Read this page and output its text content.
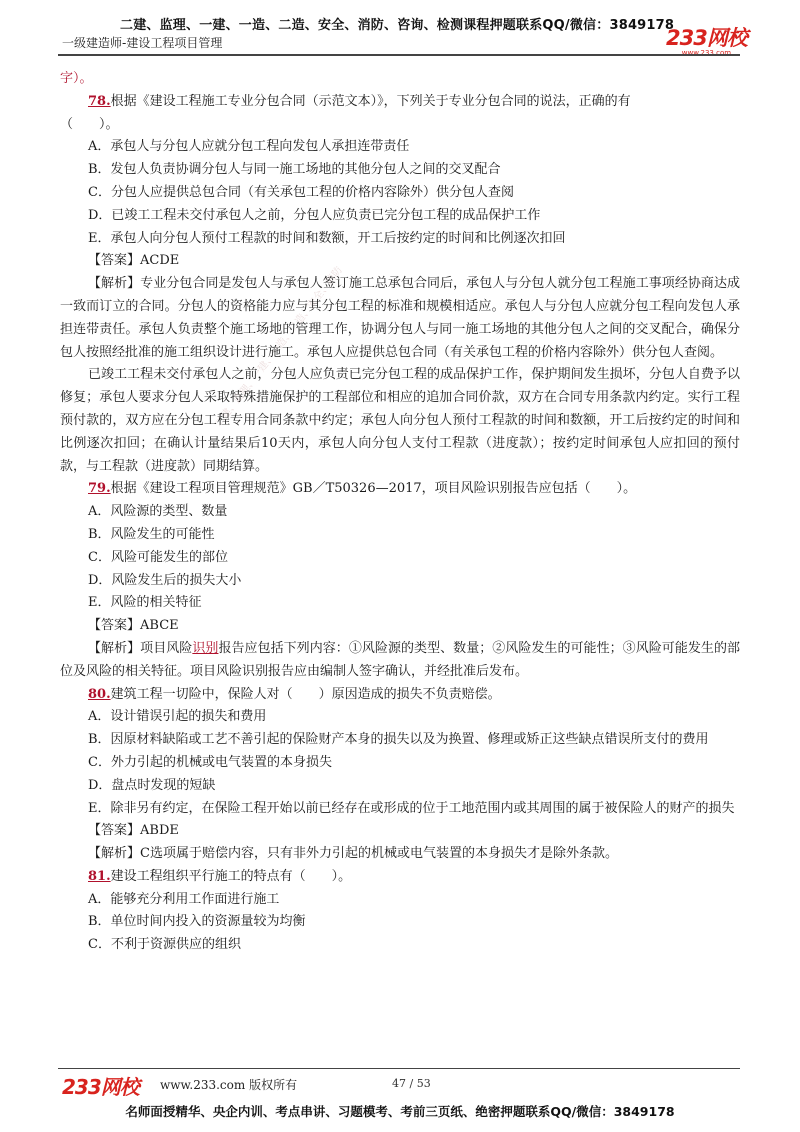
二建、监理、一建、一造、二造、安全、消防、咨询、检测课程押题联系QQ/微信：3849178
一级建造师-建设工程项目管理	233网校
www.233.com
二建、监理、一建、一造、二造、安全、消防
字）。
78.根据《建设工程施工专业分包合同（示范文本）》，下列关于专业分包合同的说法，正确的有
（　　）。
A．承包人与分包人应就分包工程向发包人承担连带责任
B．发包人负责协调分包人与同一施工场地的其他分包人之间的交叉配合
C．分包人应提供总包合同（有关承包工程的价格内容除外）供分包人查阅
D．已竣工工程未交付承包人之前，分包人应负责已完分包工程的成品保护工作
E．承包人向分包人预付工程款的时间和数额，开工后按约定的时间和比例逐次扣回
【答案】ACDE

【解析】专业分包合同是发包人与承包人签订施工总承包合同后，承包人与分包人就分包工程施工事项经协商达成一致而订立的合同。分包人的资格能力应与其分包工程的标准和规模相适应。承包人与分包人应就分包工程向发包人承担连带责任。承包人负责整个施工场地的管理工作，协调分包人与同一施工场地的其他分包人之间的交叉配合，确保分包人按照经批准的施工组织设计进行施工。承包人应提供总包合同（有关承包工程的价格内容除外）供分包人查阅。

已竣工工程未交付承包人之前，分包人应负责已完分包工程的成品保护工作，保护期间发生损坏，分包人自费予以修复；承包人要求分包人采取特殊措施保护的工程部位和相应的追加合同价款，双方在合同专用条款内约定。实行工程预付款的，双方应在分包工程专用合同条款中约定；承包人向分包人预付工程款的时间和数额，开工后按约定的时间和比例逐次扣回；在确认计量结果后10天内，承包人向分包人支付工程款（进度款）；按约定时间承包人应扣回的预付款，与工程款（进度款）同期结算。

79.根据《建设工程项目管理规范》GB／T50326—2017，项目风险识别报告应包括（　　）。
A．风险源的类型、数量
B．风险发生的可能性
C．风险可能发生的部位
D．风险发生后的损失大小
E．风险的相关特征
【答案】ABCE

【解析】项目风险识别报告应包括下列内容：①风险源的类型、数量；②风险发生的可能性；③风险可能发生的部位及风险的相关特征。项目风险识别报告应由编制人签字确认，并经批准后发布。

80.建筑工程一切险中，保险人对（　　）原因造成的损失不负责赔偿。
A．设计错误引起的损失和费用

B．因原材料缺陷或工艺不善引起的保险财产本身的损失以及为换置、修理或矫正这些缺点错误所支付的费用

C．外力引起的机械或电气装置的本身损失
D．盘点时发现的短缺

E．除非另有约定，在保险工程开始以前已经存在或形成的位于工地范围内或其周围的属于被保险人的财产的损失

【答案】ABDE
【解析】C选项属于赔偿内容，只有非外力引起的机械或电气装置的本身损失才是除外条款。
81.建设工程组织平行施工的特点有（　　）。
A．能够充分利用工作面进行施工
B．单位时间内投入的资源量较为均衡
C．不利于资源供应的组织
233网校 www.233.com 版权所有	47 / 53
名师面授精华、央企内训、考点串讲、习题模考、考前三页纸、绝密押题联系QQ/微信：3849178
